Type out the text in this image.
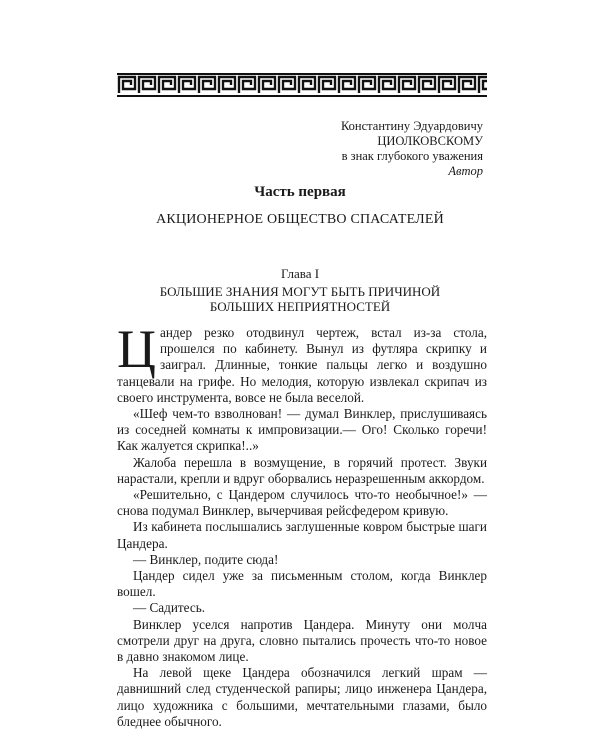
Константину Эдуардовичу
ЦИОЛКОВСКОМУ
в знак глубокого уважения
Автор
Часть первая
АКЦИОНЕРНОЕ ОБЩЕСТВО СПАСАТЕЛЕЙ
Глава I
БОЛЬШИЕ ЗНАНИЯ МОГУТ БЫТЬ ПРИЧИНОЙ
БОЛЬШИХ НЕПРИЯТНОСТЕЙ

Цандер резко отодвинул чертеж, встал из-за стола, прошелся по кабинету. Вынул из футляра скрипку и заиграл. Длинные, тонкие пальцы легко и воздушно танцевали на грифе. Но мелодия, которую извлекал скрипач из своего инструмента, вовсе не была веселой.

«Шеф чем-то взволнован! — думал Винклер, прислушиваясь из соседней комнаты к импровизации.— Ого! Сколько горечи! Как жалуется скрипка!..»

Жалоба перешла в возмущение, в горячий протест. Звуки нарастали, крепли и вдруг оборвались неразрешенным аккордом.

«Решительно, с Цандером случилось что-то необычное!» — снова подумал Винклер, вычерчивая рейсфедером кривую.

Из кабинета послышались заглушенные ковром быстрые шаги Цандера.

— Винклер, подите сюда!

Цандер сидел уже за письменным столом, когда Винклер вошел.

— Садитесь.

Винклер уселся напротив Цандера. Минуту они молча смотрели друг на друга, словно пытались прочесть что-то новое в давно знакомом лице.

На левой щеке Цандера обозначился легкий шрам — давнишний след студенческой рапиры; лицо инженера Цандера, лицо художника с большими, мечтательными глазами, было бледнее обычного.
